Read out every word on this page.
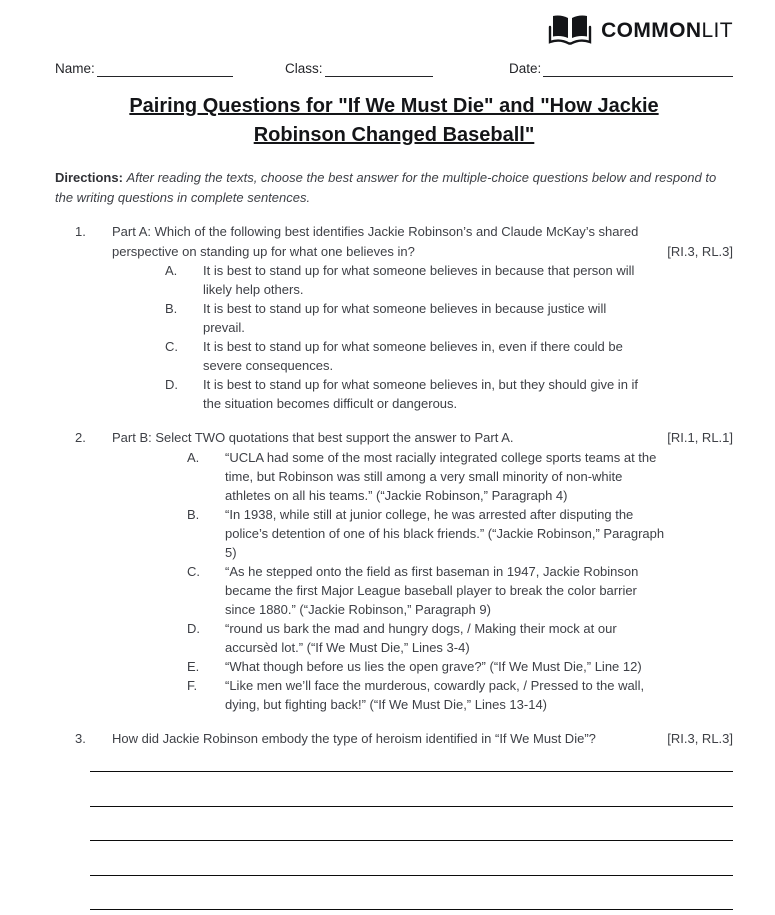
COMMONLIT
Name:	Class:	Date:
Pairing Questions for "If We Must Die" and "How Jackie
Robinson Changed Baseball"

Directions: After reading the texts, choose the best answer for the multiple-choice questions below and respond to the writing questions in complete sentences.

1.	Part A: Which of the following best identifies Jackie Robinson’s and Claude McKay’s shared
perspective on standing up for what one believes in?	[RI.3, RL.3]
A.	It is best to stand up for what someone believes in because that person will
likely help others.
B.	It is best to stand up for what someone believes in because justice will
prevail.
C.	It is best to stand up for what someone believes in, even if there could be
severe consequences.
D.	It is best to stand up for what someone believes in, but they should give in if
the situation becomes difficult or dangerous.
2.	Part B: Select TWO quotations that best support the answer to Part A.	[RI.1, RL.1]
A.	“UCLA had some of the most racially integrated college sports teams at the
time, but Robinson was still among a very small minority of non-white
athletes on all his teams.” (“Jackie Robinson,” Paragraph 4)
B.	“In 1938, while still at junior college, he was arrested after disputing the
police’s detention of one of his black friends.” (“Jackie Robinson,” Paragraph
5)
C.	“As he stepped onto the field as first baseman in 1947, Jackie Robinson
became the first Major League baseball player to break the color barrier
since 1880.” (“Jackie Robinson,” Paragraph 9)
D.	“round us bark the mad and hungry dogs, / Making their mock at our
accursèd lot.” (“If We Must Die,” Lines 3-4)
E.	“What though before us lies the open grave?” (“If We Must Die,” Line 12)
F.	“Like men we’ll face the murderous, cowardly pack, / Pressed to the wall,
dying, but fighting back!” (“If We Must Die,” Lines 13-14)
3.	How did Jackie Robinson embody the type of heroism identified in “If We Must Die”?	[RI.3, RL.3]
